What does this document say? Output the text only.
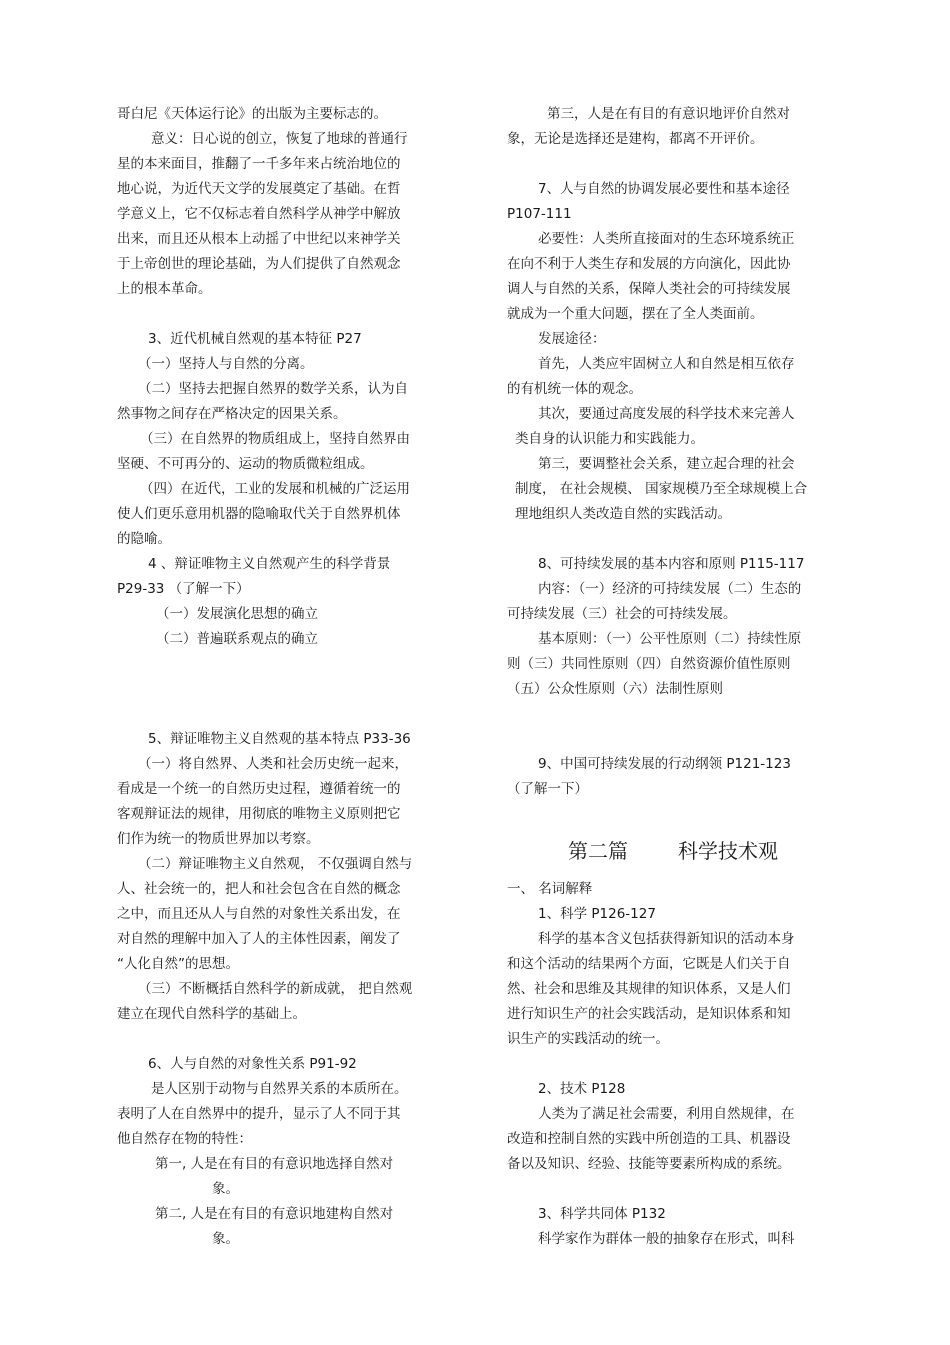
哥白尼《天体运行论》的出版为主要标志的。
意义：日心说的创立，恢复了地球的普通行
星的本来面目，推翻了一千多年来占统治地位的
地心说，为近代天文学的发展奠定了基础。在哲
学意义上，它不仅标志着自然科学从神学中解放
出来，而且还从根本上动摇了中世纪以来神学关
于上帝创世的理论基础，为人们提供了自然观念
上的根本革命。
3、近代机械自然观的基本特征 P27
（一）坚持人与自然的分离。
（二）坚持去把握自然界的数学关系，认为自
然事物之间存在严格决定的因果关系。
（三）在自然界的物质组成上，坚持自然界由
坚硬、不可再分的、运动的物质微粒组成。
（四）在近代，工业的发展和机械的广泛运用
使人们更乐意用机器的隐喻取代关于自然界机体
的隐喻。
4 、辩证唯物主义自然观产生的科学背景
P29-33 （了解一下）
（一）发展演化思想的确立
（二）普遍联系观点的确立
5、辩证唯物主义自然观的基本特点 P33-36
（一）将自然界、人类和社会历史统一起来，
看成是一个统一的自然历史过程，遵循着统一的
客观辩证法的规律，用彻底的唯物主义原则把它
们作为统一的物质世界加以考察。
（二）辩证唯物主义自然观， 不仅强调自然与
人、社会统一的，把人和社会包含在自然的概念
之中，而且还从人与自然的对象性关系出发，在
对自然的理解中加入了人的主体性因素，阐发了
“人化自然”的思想。
（三）不断概括自然科学的新成就， 把自然观
建立在现代自然科学的基础上。
6、人与自然的对象性关系 P91-92
是人区别于动物与自然界关系的本质所在。
表明了人在自然界中的提升，显示了人不同于其
他自然存在物的特性：
第一, 人是在有目的有意识地选择自然对
象。
第二, 人是在有目的有意识地建构自然对
象。
第三，人是在有目的有意识地评价自然对
象，无论是选择还是建构，都离不开评价。
7、人与自然的协调发展必要性和基本途径
P107-111
必要性：人类所直接面对的生态环境系统正
在向不利于人类生存和发展的方向演化，因此协
调人与自然的关系，保障人类社会的可持续发展
就成为一个重大问题，摆在了全人类面前。
发展途径：
首先，人类应牢固树立人和自然是相互依存
的有机统一体的观念。
其次，要通过高度发展的科学技术来完善人
类自身的认识能力和实践能力。
第三，要调整社会关系，建立起合理的社会
制度， 在社会规模、 国家规模乃至全球规模上合
理地组织人类改造自然的实践活动。
8、可持续发展的基本内容和原则 P115-117
内容：（一）经济的可持续发展（二）生态的
可持续发展（三）社会的可持续发展。
基本原则：（一）公平性原则（二）持续性原
则（三）共同性原则（四）自然资源价值性原则
（五）公众性原则（六）法制性原则
9、中国可持续发展的行动纲领 P121-123
（了解一下）
第二篇	科学技术观
一、 名词解释
1、科学 P126-127
科学的基本含义包括获得新知识的活动本身
和这个活动的结果两个方面，它既是人们关于自
然、社会和思维及其规律的知识体系，又是人们
进行知识生产的社会实践活动，是知识体系和知
识生产的实践活动的统一。
2、技术 P128
人类为了满足社会需要，利用自然规律，在
改造和控制自然的实践中所创造的工具、机器设
备以及知识、经验、技能等要素所构成的系统。
3、科学共同体 P132
科学家作为群体一般的抽象存在形式，叫科
